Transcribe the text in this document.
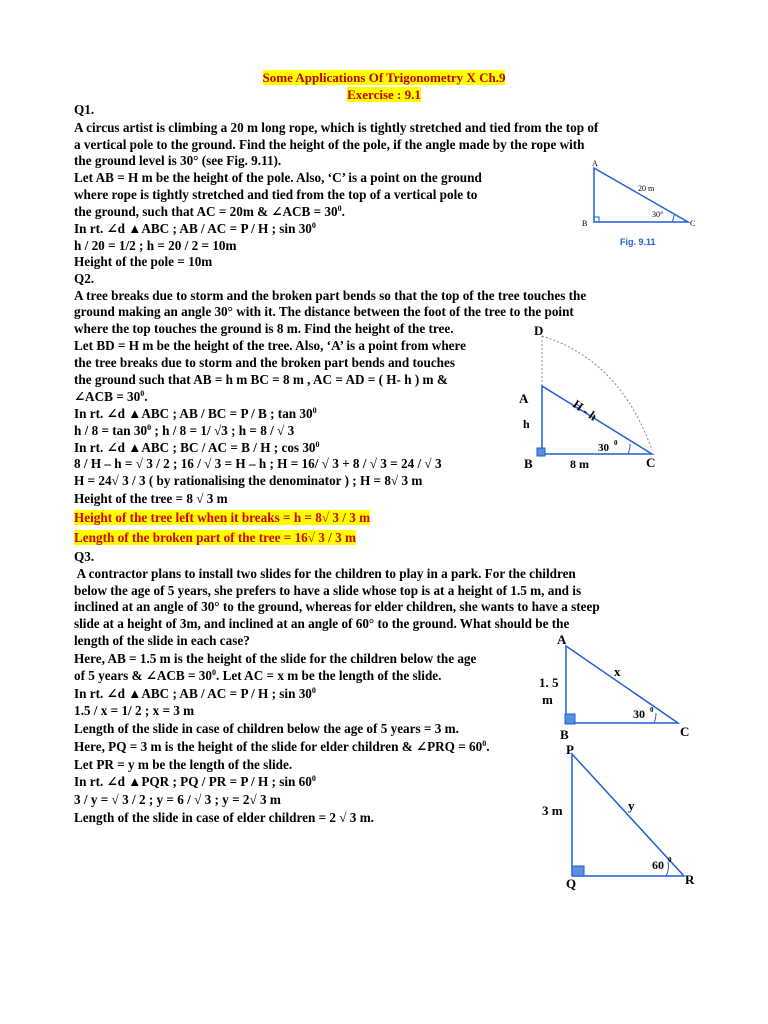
Some Applications Of Trigonometry X Ch.9
Exercise : 9.1
Q1.
A circus artist is climbing a 20 m long rope, which is tightly stretched and tied from the top of
a vertical pole to the ground. Find the height of the pole, if the angle made by the rope with
the ground level is 30° (see Fig. 9.11).
Let AB = H m be the height of the pole. Also, ‘C’ is a point on the ground
where rope is tightly stretched and tied from the top of a vertical pole to
the ground, such that AC = 20m & ∠ACB = $30^0$.
In rt. ∠d ▲ABC ; AB / AC = P / H ; $\sin 30^0$
h / 20 = 1/2 ; h = 20 / 2 = 10m
Height of the pole = 10m
A
B	C
20 m
30°
Fig. 9.11
Q2.
A tree breaks due to storm and the broken part bends so that the top of the tree touches the
ground making an angle 30° with it. The distance between the foot of the tree to the point
where the top touches the ground is 8 m. Find the height of the tree.
Let BD = H m be the height of the tree. Also, ‘A’ is a point from where
the tree breaks due to storm and the broken part bends and touches
the ground such that AB = h m BC = 8 m , AC = AD = ( H- h ) m &
∠ACB = $30^0$.
In rt. ∠d ▲ABC ; AB / BC = P / B ; $\tan 30^0$
$h / 8 = \tan 30^0$ ; h / 8 = 1/ √3 ; h = 8 / √ 3
In rt. ∠d ▲ABC ; BC / AC = B / H ; $\cos 30^0$
8 / H – h = √ 3 / 2 ; 16 / √ 3 = H – h ; H = 16/ √ 3 + 8 / √ 3 = 24 / √ 3
H = 24√ 3 / 3 ( by rationalising the denominator ) ; H = 8√ 3 m
Height of the tree = 8 √ 3 m
Height of the tree left when it breaks = h = 8√ 3 / 3 m
Length of the broken part of the tree = 16√ 3 / 3 m
D
A
h
B	C
8 m
H - h
30 0
Q3.
A contractor plans to install two slides for the children to play in a park. For the children
below the age of 5 years, she prefers to have a slide whose top is at a height of 1.5 m, and is
inclined at an angle of 30° to the ground, whereas for elder children, she wants to have a steep
slide at a height of 3m, and inclined at an angle of 60° to the ground. What should be the
length of the slide in each case?
Here, AB = 1.5 m is the height of the slide for the children below the age
of 5 years & ∠ACB = $30^0$. Let AC = x m be the length of the slide.
In rt. ∠d ▲ABC ; AB / AC = P / H ; $\sin 30^0$
1.5 / x = 1/ 2 ; x = 3 m
Length of the slide in case of children below the age of 5 years = 3 m.
Here, PQ = 3 m is the height of the slide for elder children & ∠PRQ = $60^0$.
Let PR = y m be the length of the slide.
In rt. ∠d ▲PQR ; PQ / PR = P / H ; $\sin 60^0$
3 / y = √ 3 / 2 ; y = 6 / √ 3 ; y = 2√ 3 m
Length of the slide in case of elder children = 2 √ 3 m.
A
B	C
x
1. 5
m
30 0
P
Q	R
y
3 m
60 0
